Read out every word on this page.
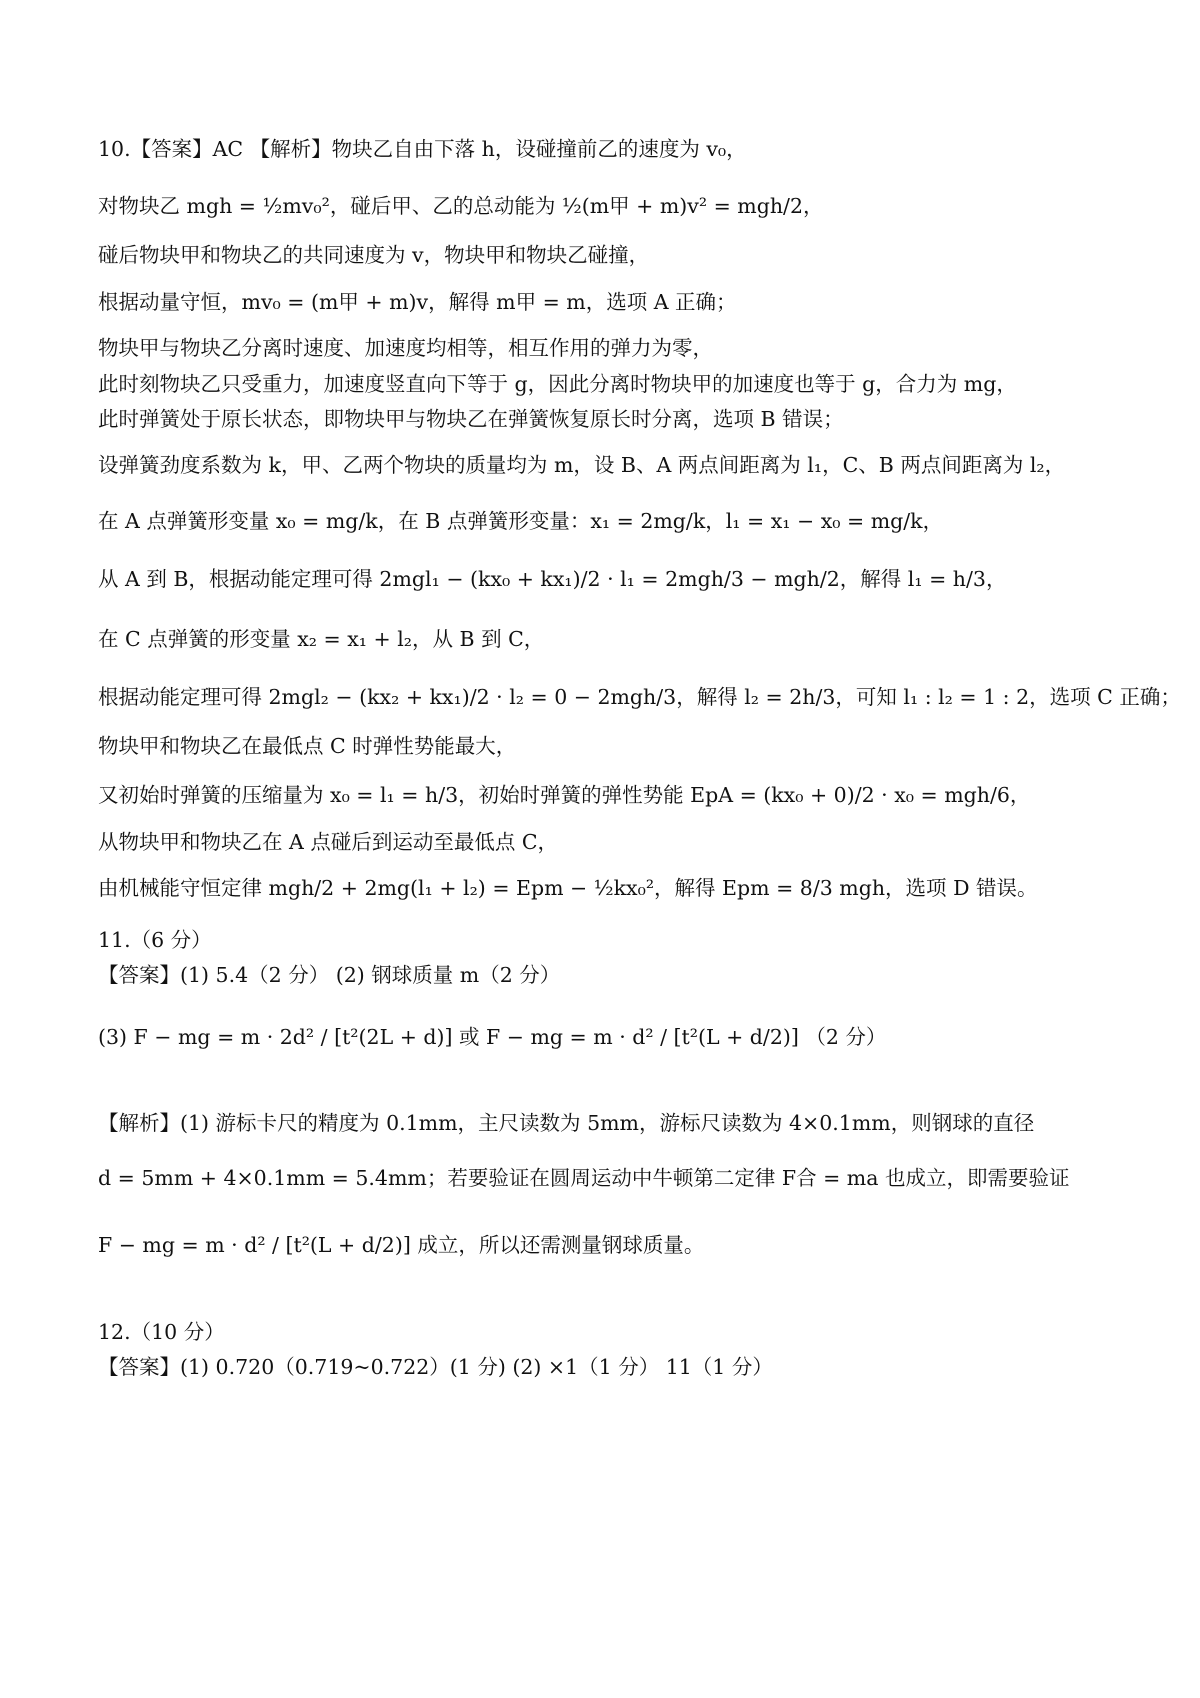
10.【答案】AC 【解析】物块乙自由下落 h，设碰撞前乙的速度为 v₀，
对物块乙 mgh = ½mv₀²，碰后甲、乙的总动能为 ½(m甲 + m)v² = mgh/2，
碰后物块甲和物块乙的共同速度为 v，物块甲和物块乙碰撞，
根据动量守恒，mv₀ = (m甲 + m)v，解得 m甲 = m，选项 A 正确；
物块甲与物块乙分离时速度、加速度均相等，相互作用的弹力为零，
此时刻物块乙只受重力，加速度竖直向下等于 g，因此分离时物块甲的加速度也等于 g，合力为 mg，
此时弹簧处于原长状态，即物块甲与物块乙在弹簧恢复原长时分离，选项 B 错误；
设弹簧劲度系数为 k，甲、乙两个物块的质量均为 m，设 B、A 两点间距离为 l₁，C、B 两点间距离为 l₂，
在 A 点弹簧形变量 x₀ = mg/k，在 B 点弹簧形变量：x₁ = 2mg/k，l₁ = x₁ − x₀ = mg/k，
从 A 到 B，根据动能定理可得 2mgl₁ − (kx₀ + kx₁)/2 · l₁ = 2mgh/3 − mgh/2，解得 l₁ = h/3，
在 C 点弹簧的形变量 x₂ = x₁ + l₂，从 B 到 C，
根据动能定理可得 2mgl₂ − (kx₂ + kx₁)/2 · l₂ = 0 − 2mgh/3，解得 l₂ = 2h/3，可知 l₁ : l₂ = 1 : 2，选项 C 正确；
物块甲和物块乙在最低点 C 时弹性势能最大，
又初始时弹簧的压缩量为 x₀ = l₁ = h/3，初始时弹簧的弹性势能 EpA = (kx₀ + 0)/2 · x₀ = mgh/6，
从物块甲和物块乙在 A 点碰后到运动至最低点 C，
由机械能守恒定律 mgh/2 + 2mg(l₁ + l₂) = Epm − ½kx₀²，解得 Epm = 8/3 mgh，选项 D 错误。
11.（6 分）
【答案】(1) 5.4（2 分） (2) 钢球质量 m（2 分）
(3) F − mg = m · 2d² / [t²(2L + d)] 或 F − mg = m · d² / [t²(L + d/2)] （2 分）
【解析】(1) 游标卡尺的精度为 0.1mm，主尺读数为 5mm，游标尺读数为 4×0.1mm，则钢球的直径
d = 5mm + 4×0.1mm = 5.4mm；若要验证在圆周运动中牛顿第二定律 F合 = ma 也成立，即需要验证
F − mg = m · d² / [t²(L + d/2)] 成立，所以还需测量钢球质量。
12.（10 分）
【答案】(1) 0.720（0.719~0.722）(1 分) (2) ×1（1 分） 11（1 分）
